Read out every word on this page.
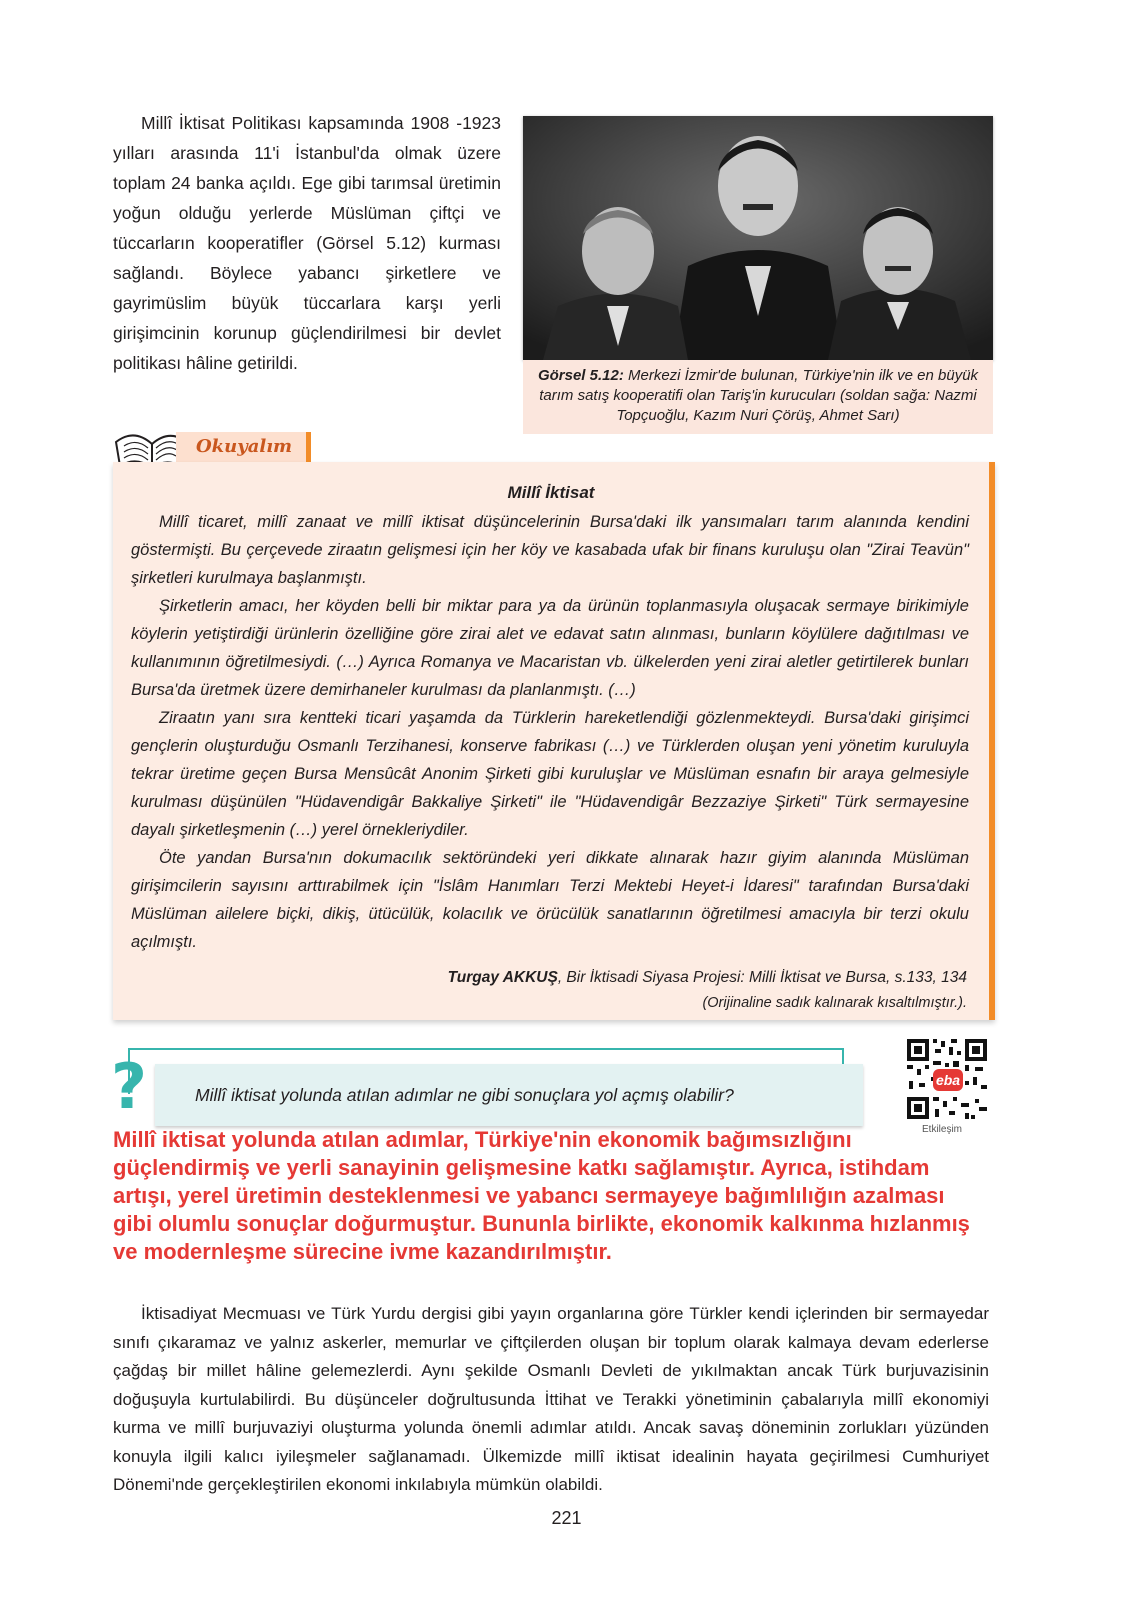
Millî İktisat Politikası kapsamında 1908 -1923 yılları arasında 11'i İstanbul'da olmak üzere toplam 24 banka açıldı. Ege gibi tarımsal üretimin yoğun olduğu yerlerde Müslüman çiftçi ve tüccarların kooperatifler (Görsel 5.12) kurması sağlandı. Böylece yabancı şirketlere ve gayrimüslim büyük tüccarlara karşı yerli girişimcinin korunup güçlendirilmesi bir devlet politikası hâline getirildi.

Görsel 5.12: Merkezi İzmir'de bulunan, Türkiye'nin ilk ve en büyük tarım satış kooperatifi olan Tariş'in kurucuları (soldan sağa: Nazmi Topçuoğlu, Kazım Nuri Çörüş, Ahmet Sarı)

Okuyalım

Millî İktisat

Millî ticaret, millî zanaat ve millî iktisat düşüncelerinin Bursa'daki ilk yansımaları tarım alanında kendini göstermişti. Bu çerçevede ziraatın gelişmesi için her köy ve kasabada ufak bir finans kuruluşu olan "Zirai Teavün" şirketleri kurulmaya başlanmıştı.

Şirketlerin amacı, her köyden belli bir miktar para ya da ürünün toplanmasıyla oluşacak sermaye birikimiyle köylerin yetiştirdiği ürünlerin özelliğine göre zirai alet ve edavat satın alınması, bunların köylülere dağıtılması ve kullanımının öğretilmesiydi. (…) Ayrıca Romanya ve Macaristan vb. ülkelerden yeni zirai aletler getirtilerek bunları Bursa'da üretmek üzere demirhaneler kurulması da planlanmıştı. (…)

Ziraatın yanı sıra kentteki ticari yaşamda da Türklerin hareketlendiği gözlenmekteydi. Bursa'daki girişimci gençlerin oluşturduğu Osmanlı Terzihanesi, konserve fabrikası (…) ve Türklerden oluşan yeni yönetim kuruluyla tekrar üretime geçen Bursa Mensûcât Anonim Şirketi gibi kuruluşlar ve Müslüman esnafın bir araya gelmesiyle kurulması düşünülen "Hüdavendigâr Bakkaliye Şirketi" ile "Hüdavendigâr Bezzaziye Şirketi" Türk sermayesine dayalı şirketleşmenin (…) yerel örnekleriydiler.

Öte yandan Bursa'nın dokumacılık sektöründeki yeri dikkate alınarak hazır giyim alanında Müslüman girişimcilerin sayısını arttırabilmek için "İslâm Hanımları Terzi Mektebi Heyet-i İdaresi" tarafından Bursa'daki Müslüman ailelere biçki, dikiş, ütücülük, kolacılık ve örücülük sanatlarının öğretilmesi amacıyla bir terzi okulu açılmıştı.

Turgay AKKUŞ, Bir İktisadi Siyasa Projesi: Milli İktisat ve Bursa, s.133, 134

(Orijinaline sadık kalınarak kısaltılmıştır.).

?	Millî iktisat yolunda atılan adımlar ne gibi sonuçlara yol açmış olabilir?

eba
Etkileşim

Millî iktisat yolunda atılan adımlar, Türkiye'nin ekonomik bağımsızlığını

güçlendirmiş ve yerli sanayinin gelişmesine katkı sağlamıştır. Ayrıca, istihdam

artışı, yerel üretimin desteklenmesi ve yabancı sermayeye bağımlılığın azalması

gibi olumlu sonuçlar doğurmuştur. Bununla birlikte, ekonomik kalkınma hızlanmış

ve modernleşme sürecine ivme kazandırılmıştır.

İktisadiyat Mecmuası ve Türk Yurdu dergisi gibi yayın organlarına göre Türkler kendi içlerinden bir sermayedar sınıfı çıkaramaz ve yalnız askerler, memurlar ve çiftçilerden oluşan bir toplum olarak kalmaya devam ederlerse çağdaş bir millet hâline gelemezlerdi. Aynı şekilde Osmanlı Devleti de yıkılmaktan ancak Türk burjuvazisinin doğuşuyla kurtulabilirdi. Bu düşünceler doğrultusunda İttihat ve Terakki yönetiminin çabalarıyla millî ekonomiyi kurma ve millî burjuvaziyi oluşturma yolunda önemli adımlar atıldı. Ancak savaş döneminin zorlukları yüzünden konuyla ilgili kalıcı iyileşmeler sağlanamadı. Ülkemizde millî iktisat idealinin hayata geçirilmesi Cumhuriyet Dönemi'nde gerçekleştirilen ekonomi inkılabıyla mümkün olabildi.

221
